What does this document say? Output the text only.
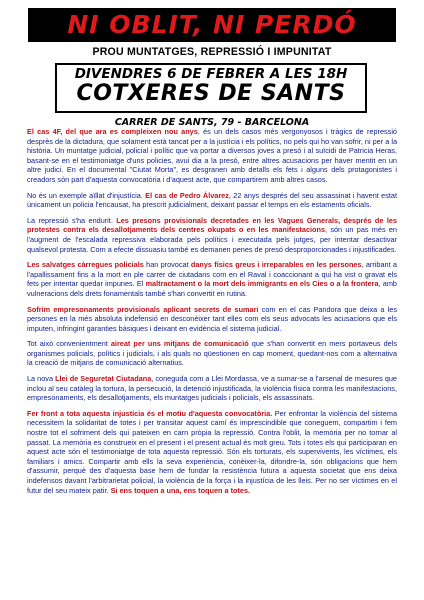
NI OBLIT, NI PERDÓ
PROU MUNTATGES, REPRESSIÓ I IMPUNITAT
DIVENDRES 6 DE FEBRER A LES 18H
COTXERES DE SANTS
CARRER DE SANTS, 79 - BARCELONA

El cas 4F, del que ara es compleixen nou anys, és un dels casos més vergonyosos i tràgics de repressió desprès de la dictadura, que solament està tancat per a la justícia i els polítics, no pels qui ho van sofrir, ni per a la història. Un muntatge judicial, policial i polític que va portar a diversos joves a presó i al suïcidi de Patricia Heras, basant-se en el testimoniatge d'uns policies, avui dia a la presó, entre altres acusacions per haver mentit en un altre judici. En el documental "Ciutat Morta", es desgranen amb detalls els fets i alguns dels protagonistes i creadors són part d'aquesta convocatòria i d'aquest acte, que compartirem amb altres casos.

No és un exemple aïllat d'injustícia. El cas de Pedro Álvarez, 22 anys després del seu assassinat i havent estat únicament un policia l'encausat, ha prescrit judicialment, deixant passar el temps en els estaments oficials.

La repressió s'ha endurit. Les presons provisionals decretades en les Vagues Generals, després de les protestes contra els desallotjaments dels centres okupats o en les manifestacions, són un pas més en l'augment de l'escalada repressiva elaborada pels polítics i executada pels jutges, per intentar desactivar qualsevol protesta. Com a efecte dissuasiu també es demanen penes de presó desproporcionades i injustificades.

Les salvatges càrregues policials han provocat danys físics greus i irreparables en les persones, arribant a l'apallissament fins a la mort en ple carrer de ciutadans com en el Raval i coaccionant a qui ha vist o gravat els fets per intentar quedar impunes. El maltractament o la mort dels immigrants en els Cies o a la frontera, amb vulneracions dels drets fonamentals també s'han convertit en rutina.

Sofrim empresonaments provisionals aplicant secrets de sumari com en el cas Pandora que deixa a les persones en la més absoluta indefensió en desconèixer tant elles com els seus advocats les acusacions que els imputen, infringint garanties bàsiques i deixant en evidència el sistema judicial.

Tot això convenientment aireat per uns mitjans de comunicació que s'han convertit en mers portaveus dels organismes policials, polítics i judicials, i als quals no qüestionen en cap moment, quedant-nos com a alternativa la creació de mitjans de comunicació alternatius.

La nova Llei de Seguretat Ciutadana, coneguda com a Llei Mordassa, ve a sumar-se a l'arsenal de mesures que inclou al seu catàleg la tortura, la persecució, la detenció injustificada, la violència física contra les manifestacions, empresonaments, els desallotjaments, els muntatges judicials i policials, els assassinats.

Fer front a tota aquesta injustícia és el motiu d'aquesta convocatòria. Per enfrontar la violència del sistema necessitem la solidaritat de totes i per transitar aquest camí és imprescindible que coneguem, compartim i fem nostre tot el sofriment dels qui pateixen en carn pròpia la repressió. Contra l'oblit, la memòria per no tornar al passat. La memòria es construeix en el present i el present actual és molt greu. Tots i totes els qui participaran en aquest acte són el testimoniatge de tota aquesta repressió. Són els torturats, els supervivents, les víctimes, els familiars i amics. Compartir amb ells la seva experiència, conèixer-la, difondre-la, són obligacions que hem d'assumir, perquè des d'aquesta base hem de fundar la resistència futura a aquesta societat que ens deixa indefensos davant l'arbitrarietat policial, la violència de la força i la injustícia de les lleis. Per no ser víctimes en el futur del seu mateix patir. Si ens toquen a una, ens toquen a totes.
